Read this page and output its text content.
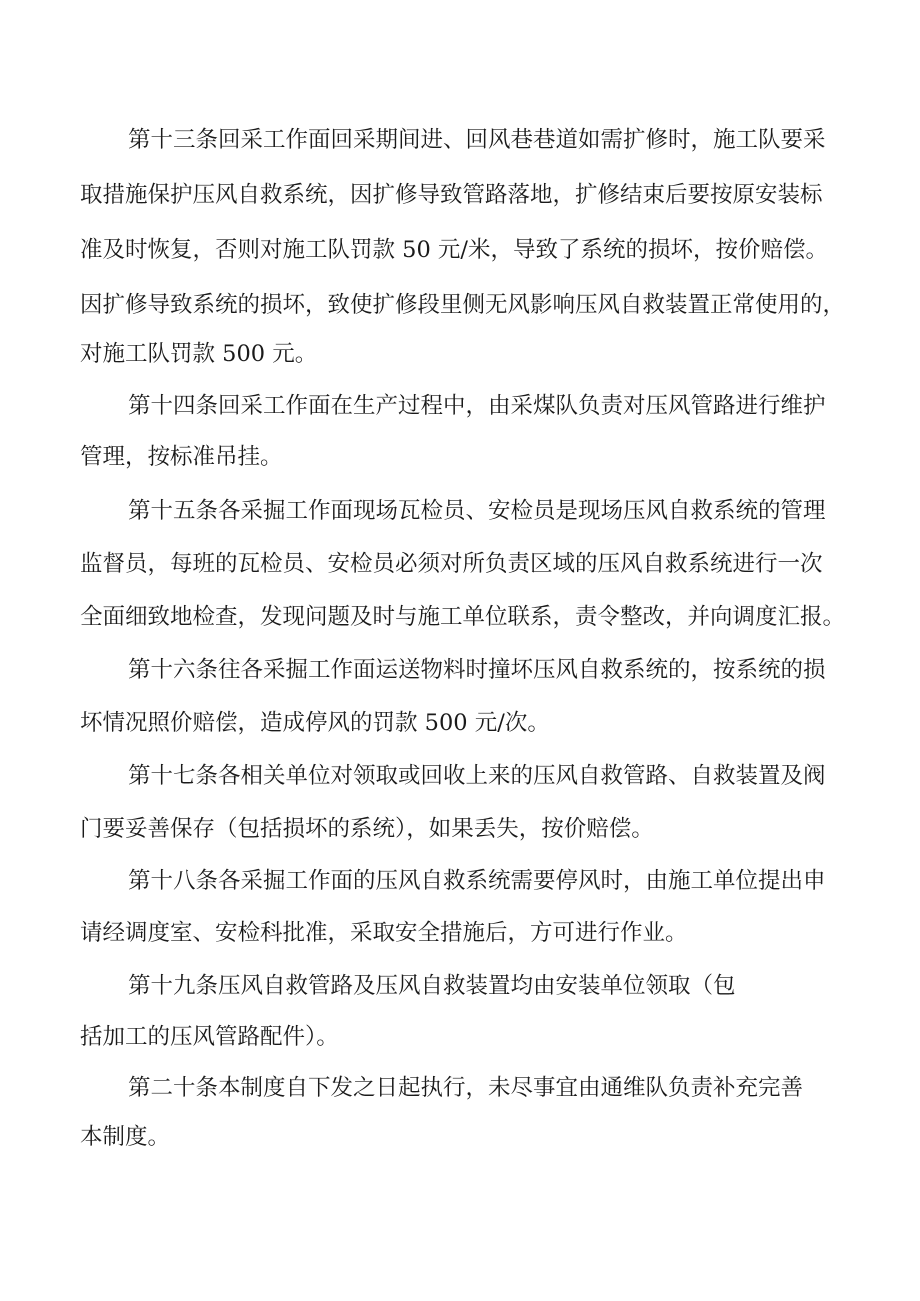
第十三条回采工作面回采期间进、回风巷巷道如需扩修时，施工队要采

取措施保护压风自救系统，因扩修导致管路落地，扩修结束后要按原安装标

准及时恢复，否则对施工队罚款 50 元/米，导致了系统的损坏，按价赔偿。

因扩修导致系统的损坏，致使扩修段里侧无风影响压风自救装置正常使用的，

对施工队罚款 500 元。

第十四条回采工作面在生产过程中，由采煤队负责对压风管路进行维护

管理，按标准吊挂。

第十五条各采掘工作面现场瓦检员、安检员是现场压风自救系统的管理

监督员，每班的瓦检员、安检员必须对所负责区域的压风自救系统进行一次

全面细致地检查，发现问题及时与施工单位联系，责令整改，并向调度汇报。

第十六条往各采掘工作面运送物料时撞坏压风自救系统的，按系统的损

坏情况照价赔偿，造成停风的罚款 500 元/次。

第十七条各相关单位对领取或回收上来的压风自救管路、自救装置及阀

门要妥善保存（包括损坏的系统），如果丢失，按价赔偿。

第十八条各采掘工作面的压风自救系统需要停风时，由施工单位提出申

请经调度室、安检科批准，采取安全措施后，方可进行作业。

第十九条压风自救管路及压风自救装置均由安装单位领取（包

括加工的压风管路配件）。

第二十条本制度自下发之日起执行，未尽事宜由通维队负责补充完善

本制度。
